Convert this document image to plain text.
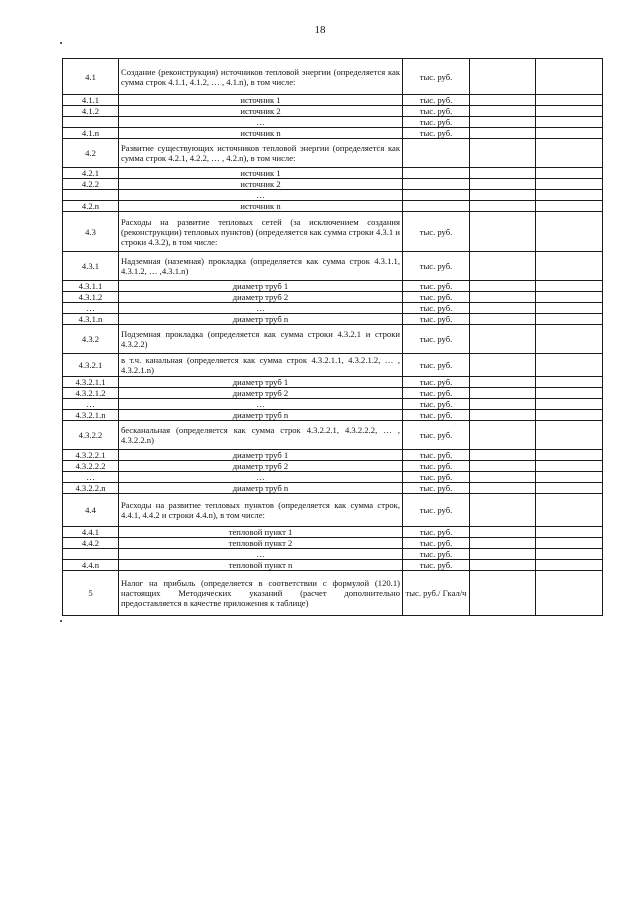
18
4.1	Создание (реконструкция) источников тепловой энергии (определяется как сумма строк 4.1.1, 4.1.2, … , 4.1.n), в том числе:	тыс. руб.		
4.1.1	источник 1	тыс. руб.		
4.1.2	источник 2	тыс. руб.		
	…	тыс. руб.		
4.1.n	источник n	тыс. руб.		
4.2	Развитие существующих источников тепловой энергии (определяется как сумма строк 4.2.1, 4.2.2, … , 4.2.n), в том числе:			
4.2.1	источник 1			
4.2.2	источник 2			
	…			
4.2.n	источник n			
4.3	Расходы на развитие тепловых сетей (за исключением создания (реконструкции) тепловых пунктов) (определяется как сумма строки 4.3.1 и строки 4.3.2), в том числе:	тыс. руб.		
4.3.1	Надземная (наземная) прокладка (определяется как сумма строк 4.3.1.1, 4.3.1.2, … ,4.3.1.n)	тыс. руб.		
4.3.1.1	диаметр труб 1	тыс. руб.		
4.3.1.2	диаметр труб 2	тыс. руб.		
…	…	тыс. руб.		
4.3.1.n	диаметр труб n	тыс. руб.		
4.3.2	Подземная прокладка (определяется как сумма строки 4.3.2.1 и строки 4.3.2.2)	тыс. руб.		
4.3.2.1	в т.ч. канальная (определяется как сумма строк 4.3.2.1.1, 4.3.2.1.2, … , 4.3.2.1.n)	тыс. руб.		
4.3.2.1.1	диаметр труб 1	тыс. руб.		
4.3.2.1.2	диаметр труб 2	тыс. руб.		
…	…	тыс. руб.		
4.3.2.1.n	диаметр труб n	тыс. руб.		
4.3.2.2	бесканальная (определяется как сумма строк 4.3.2.2.1, 4.3.2.2.2, … , 4.3.2.2.n)	тыс. руб.		
4.3.2.2.1	диаметр труб 1	тыс. руб.		
4.3.2.2.2	диаметр труб 2	тыс. руб.		
…	…	тыс. руб.		
4.3.2.2.n	диаметр труб n	тыс. руб.		
4.4	Расходы на развитие тепловых пунктов (определяется как сумма строк, 4.4.1, 4.4.2 и строки 4.4.n), в том числе:	тыс. руб.		
4.4.1	тепловой пункт 1	тыс. руб.		
4.4.2	тепловой пункт 2	тыс. руб.		
	…	тыс. руб.		
4.4.n	тепловой пункт n	тыс. руб.		
5	Налог на прибыль (определяется в соответствии с формулой (120.1) настоящих Методических указаний (расчет дополнительно предоставляется в качестве приложения к таблице)	тыс. руб./ Гкал/ч		
